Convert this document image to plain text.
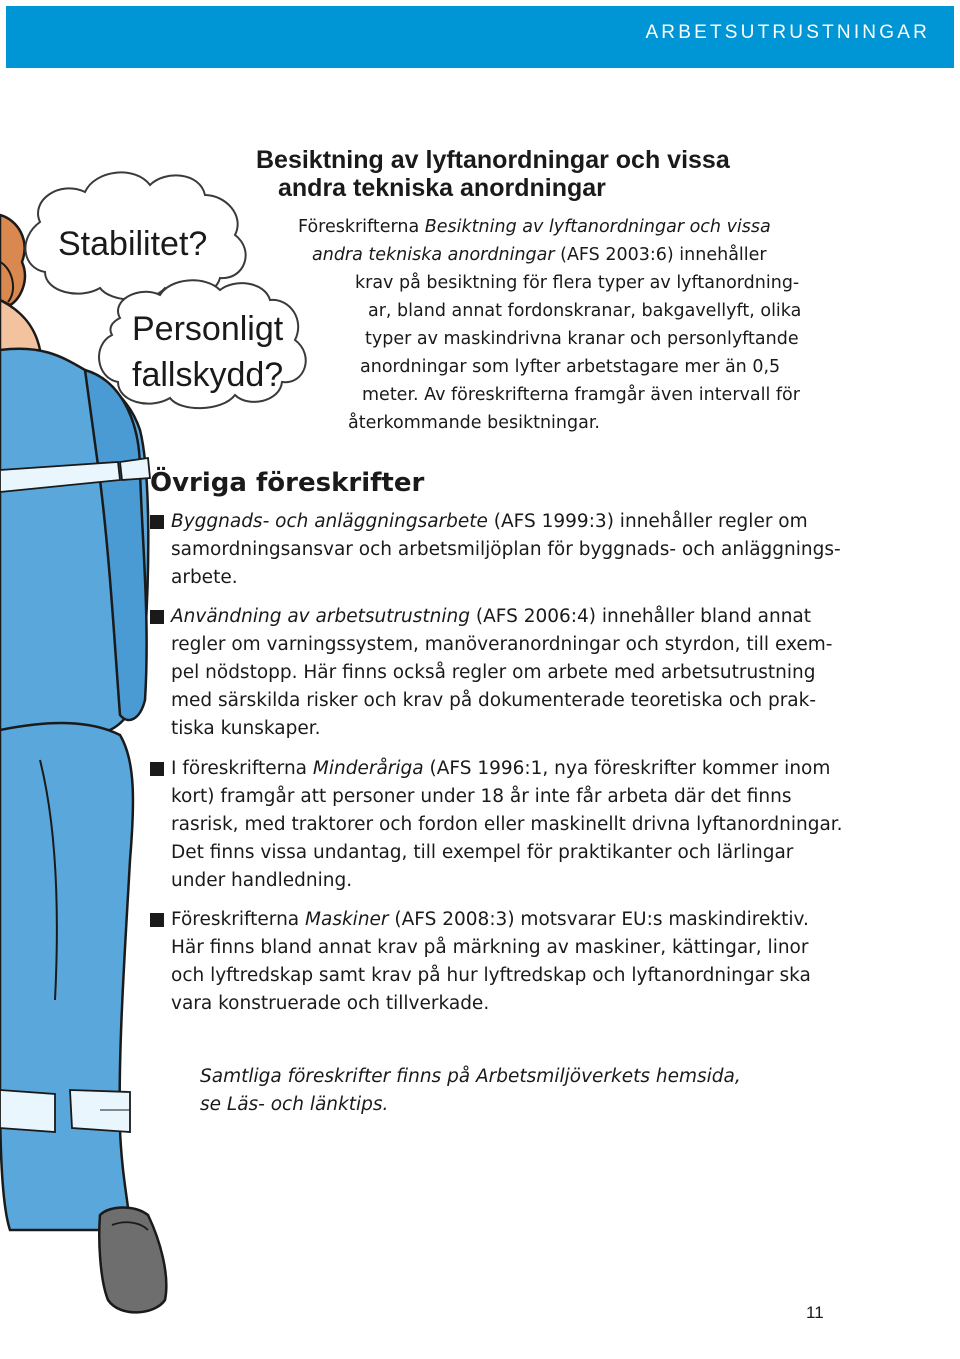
ARBETSUTRUSTNINGAR
Stabilitet?
Personligt
fallskydd?
Besiktning av lyftanordningar och vissa
andra tekniska anordningar
Föreskrifterna Besiktning av lyftanordningar och vissa
andra tekniska anordningar (AFS 2003:6) innehåller
krav på besiktning för flera typer av lyftanordning-
ar, bland annat fordonskranar, bakgavellyft, olika
typer av maskindrivna kranar och personlyftande
anordningar som lyfter arbetstagare mer än 0,5
meter. Av föreskrifterna framgår även intervall för
återkommande besiktningar.
Övriga föreskrifter
Byggnads- och anläggningsarbete (AFS 1999:3) innehåller regler om
samordningsansvar och arbetsmiljöplan för byggnads- och anläggnings-
arbete.
Användning av arbetsutrustning (AFS 2006:4) innehåller bland annat
regler om varningssystem, manöveranordningar och styrdon, till exem-
pel nödstopp. Här finns också regler om arbete med arbetsutrustning
med särskilda risker och krav på dokumenterade teoretiska och prak-
tiska kunskaper.
I föreskrifterna Minderåriga (AFS 1996:1, nya föreskrifter kommer inom
kort) framgår att personer under 18 år inte får arbeta där det finns
rasrisk, med traktorer och fordon eller maskinellt drivna lyftanordningar.
Det finns vissa undantag, till exempel för praktikanter och lärlingar
under handledning.
Föreskrifterna Maskiner (AFS 2008:3) motsvarar EU:s maskindirektiv.
Här finns bland annat krav på märkning av maskiner, kättingar, linor
och lyftredskap samt krav på hur lyftredskap och lyftanordningar ska
vara konstruerade och tillverkade.
Samtliga föreskrifter finns på Arbetsmiljöverkets hemsida,
se Läs- och länktips.
11
